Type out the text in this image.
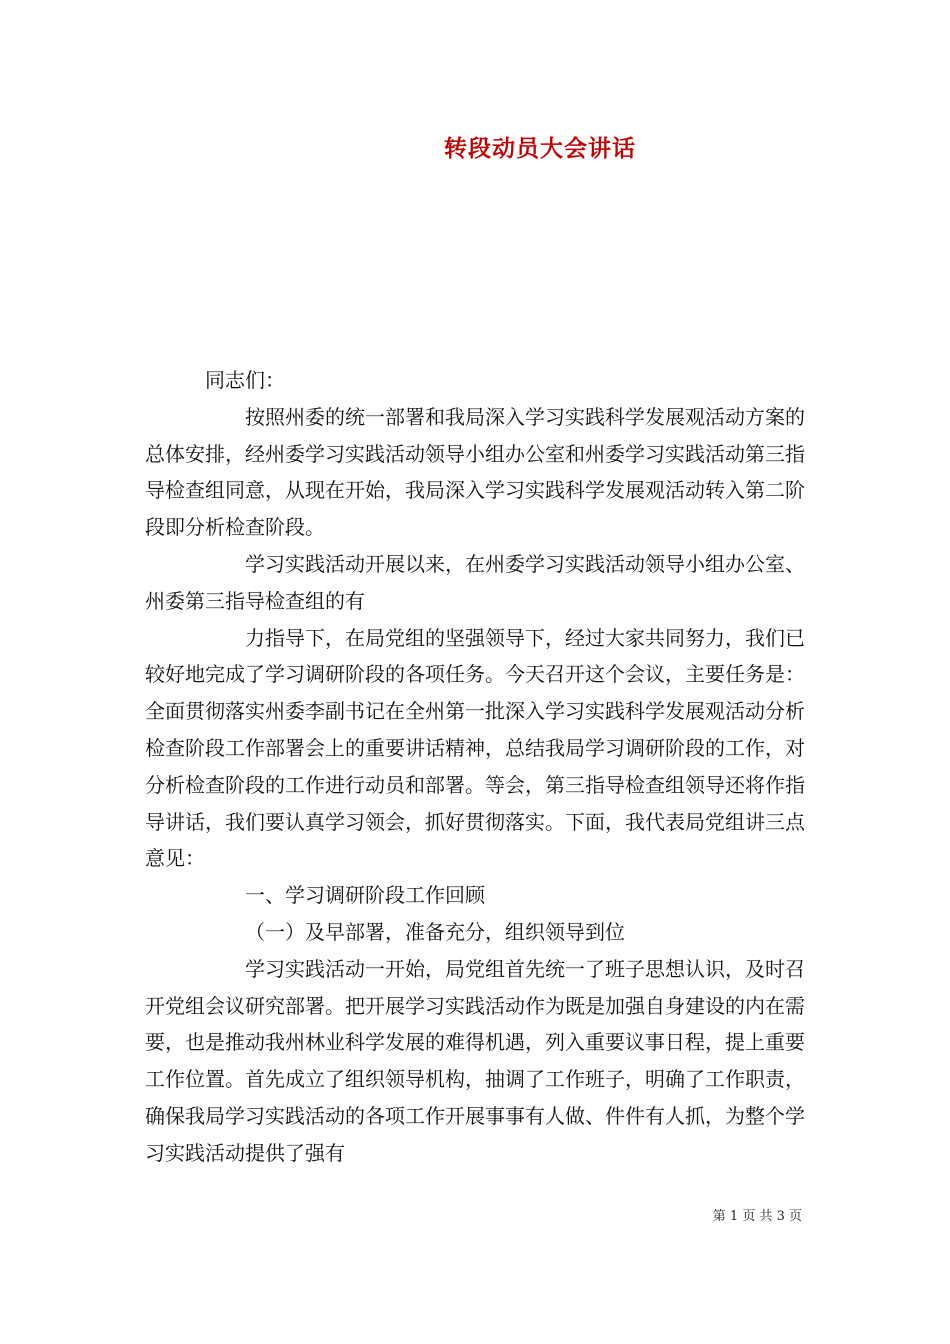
转段动员大会讲话

同志们：

按照州委的统一部署和我局深入学习实践科学发展观活动方案的总体安排，经州委学习实践活动领导小组办公室和州委学习实践活动第三指导检查组同意，从现在开始，我局深入学习实践科学发展观活动转入第二阶段即分析检查阶段。

学习实践活动开展以来，在州委学习实践活动领导小组办公室、州委第三指导检查组的有

力指导下，在局党组的坚强领导下，经过大家共同努力，我们已较好地完成了学习调研阶段的各项任务。今天召开这个会议，主要任务是：全面贯彻落实州委李副书记在全州第一批深入学习实践科学发展观活动分析检查阶段工作部署会上的重要讲话精神，总结我局学习调研阶段的工作，对分析检查阶段的工作进行动员和部署。等会，第三指导检查组领导还将作指导讲话，我们要认真学习领会，抓好贯彻落实。下面，我代表局党组讲三点意见：

一、学习调研阶段工作回顾

（一）及早部署，准备充分，组织领导到位

学习实践活动一开始，局党组首先统一了班子思想认识，及时召开党组会议研究部署。把开展学习实践活动作为既是加强自身建设的内在需要，也是推动我州林业科学发展的难得机遇，列入重要议事日程，提上重要工作位置。首先成立了组织领导机构，抽调了工作班子，明确了工作职责，确保我局学习实践活动的各项工作开展事事有人做、件件有人抓，为整个学习实践活动提供了强有

第 1 页 共 3 页
